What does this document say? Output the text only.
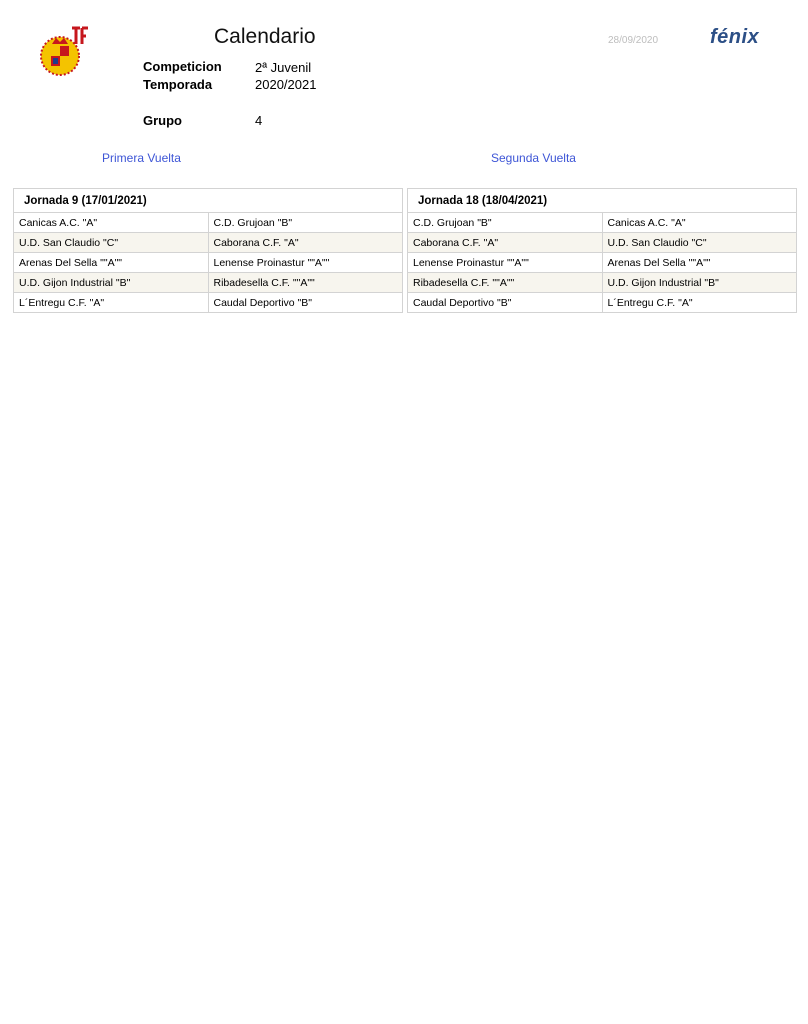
Calendario	28/09/2020	fénix
Competicion	2ª Juvenil
Temporada	2020/2021
Grupo	4
Primera Vuelta	Segunda Vuelta
Jornada 9 (17/01/2021)	
Canicas A.C. "A"	C.D. Grujoan "B"
U.D. San Claudio "C"	Caborana C.F. "A"
Arenas Del Sella ""A""	Lenense Proinastur ""A""
U.D. Gijon Industrial "B"	Ribadesella C.F. ""A""
L´Entregu C.F. "A"	Caudal Deportivo "B"
Jornada 18 (18/04/2021)	
C.D. Grujoan "B"	Canicas A.C. "A"
Caborana C.F. "A"	U.D. San Claudio "C"
Lenense Proinastur ""A""	Arenas Del Sella ""A""
Ribadesella C.F. ""A""	U.D. Gijon Industrial "B"
Caudal Deportivo "B"	L´Entregu C.F. "A"
